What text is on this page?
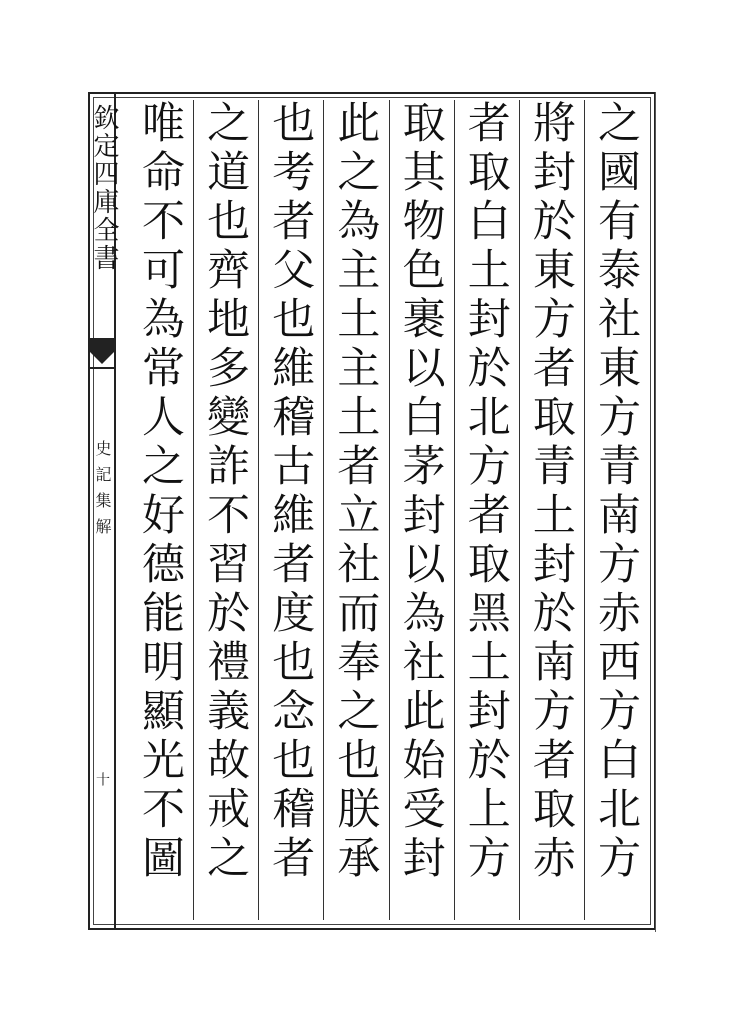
欽定四庫全書
史記集解
十
之國有泰社東方青南方赤西方白北方
將封於東方者取青土封於南方者取赤
者取白土封於北方者取黑土封於上方
取其物色裹以白茅封以為社此始受封
此之為主土主土者立社而奉之也朕承
也考者父也維稽古維者度也念也稽者
之道也齊地多變詐不習於禮義故戒之
唯命不可為常人之好德能明顯光不圖
